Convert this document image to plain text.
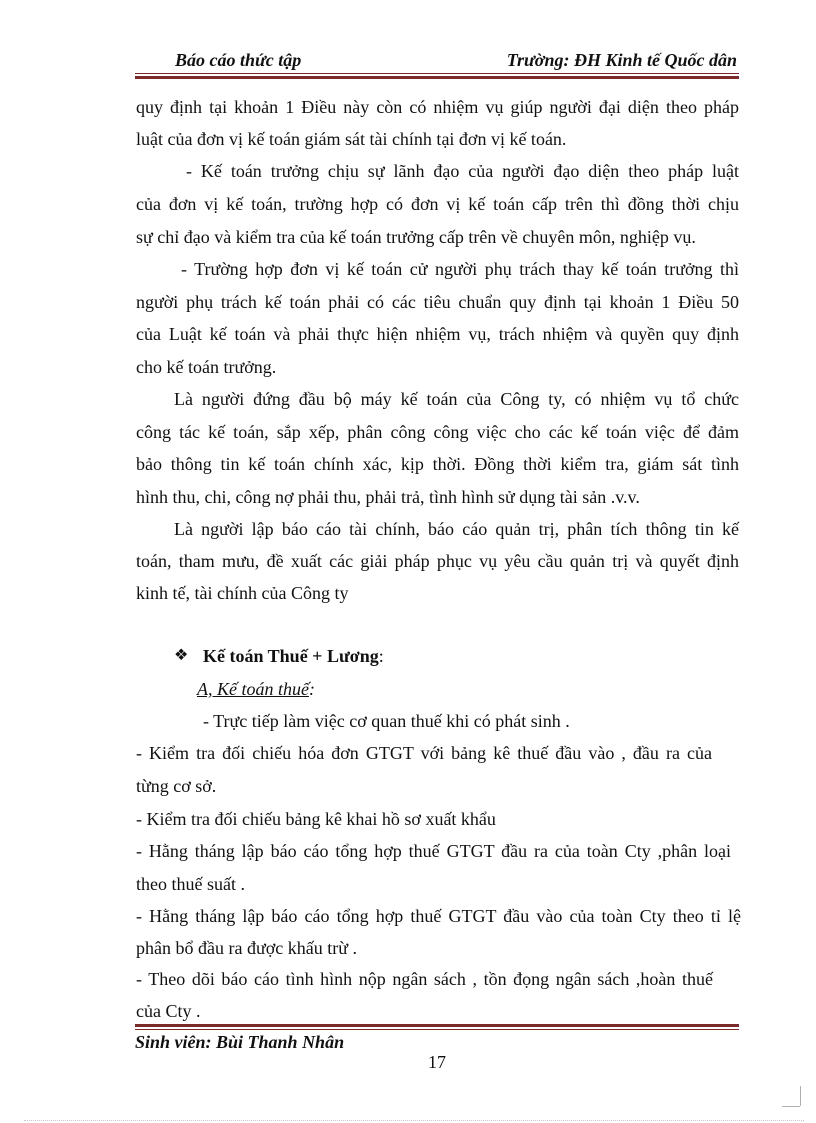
Báo cáo thức tập	Trường: ĐH Kinh tế Quốc dân
quy định tại khoản 1 Điều này còn có nhiệm vụ giúp người đại diện theo pháp
luật của đơn vị kế toán giám sát tài chính tại đơn vị kế toán.
- Kế toán trưởng chịu sự lãnh đạo của người đạo diện theo pháp luật
của đơn vị kế toán, trường hợp có đơn vị kế toán cấp trên thì đồng thời chịu
sự chỉ đạo và kiểm tra của kế toán trưởng cấp trên về chuyên môn, nghiệp vụ.
- Trường hợp đơn vị kế toán cử người phụ trách thay kế toán trưởng thì
người phụ trách kế toán phải có các tiêu chuẩn quy định tại khoản 1 Điều 50
của Luật kế toán và phải thực hiện nhiệm vụ, trách nhiệm và quyền quy định
cho kế toán trưởng.
Là người đứng đầu bộ máy kế toán của Công ty, có nhiệm vụ tổ chức
công tác kế toán, sắp xếp, phân công công việc cho các kế toán việc để đảm
bảo thông tin kế toán chính xác, kịp thời. Đồng thời kiểm tra, giám sát tình
hình thu, chi, công nợ phải thu, phải trả, tình hình sử dụng tài sản .v.v.
Là người lập báo cáo tài chính, báo cáo quản trị, phân tích thông tin kế
toán, tham mưu, đề xuất các giải pháp phục vụ yêu cầu quản trị và quyết định
kinh tế, tài chính của Công ty
❖ Kế toán Thuế + Lương:
A, Kế toán thuế:
- Trực tiếp làm việc cơ quan thuế khi có phát sinh .
- Kiểm tra đối chiếu hóa đơn GTGT với bảng kê thuế đầu vào , đầu ra của
từng cơ sở.
- Kiểm tra đối chiếu bảng kê khai hồ sơ xuất khẩu
- Hằng tháng lập báo cáo tổng hợp thuế GTGT đầu ra của toàn Cty ,phân loại
theo thuế suất .
- Hằng tháng lập báo cáo tổng hợp thuế GTGT đầu vào của toàn Cty theo tỉ lệ
phân bổ đầu ra được khấu trừ .
- Theo dõi báo cáo tình hình nộp ngân sách , tồn đọng ngân sách ,hoàn thuế
của Cty .
Sinh viên: Bùi Thanh Nhân
17
